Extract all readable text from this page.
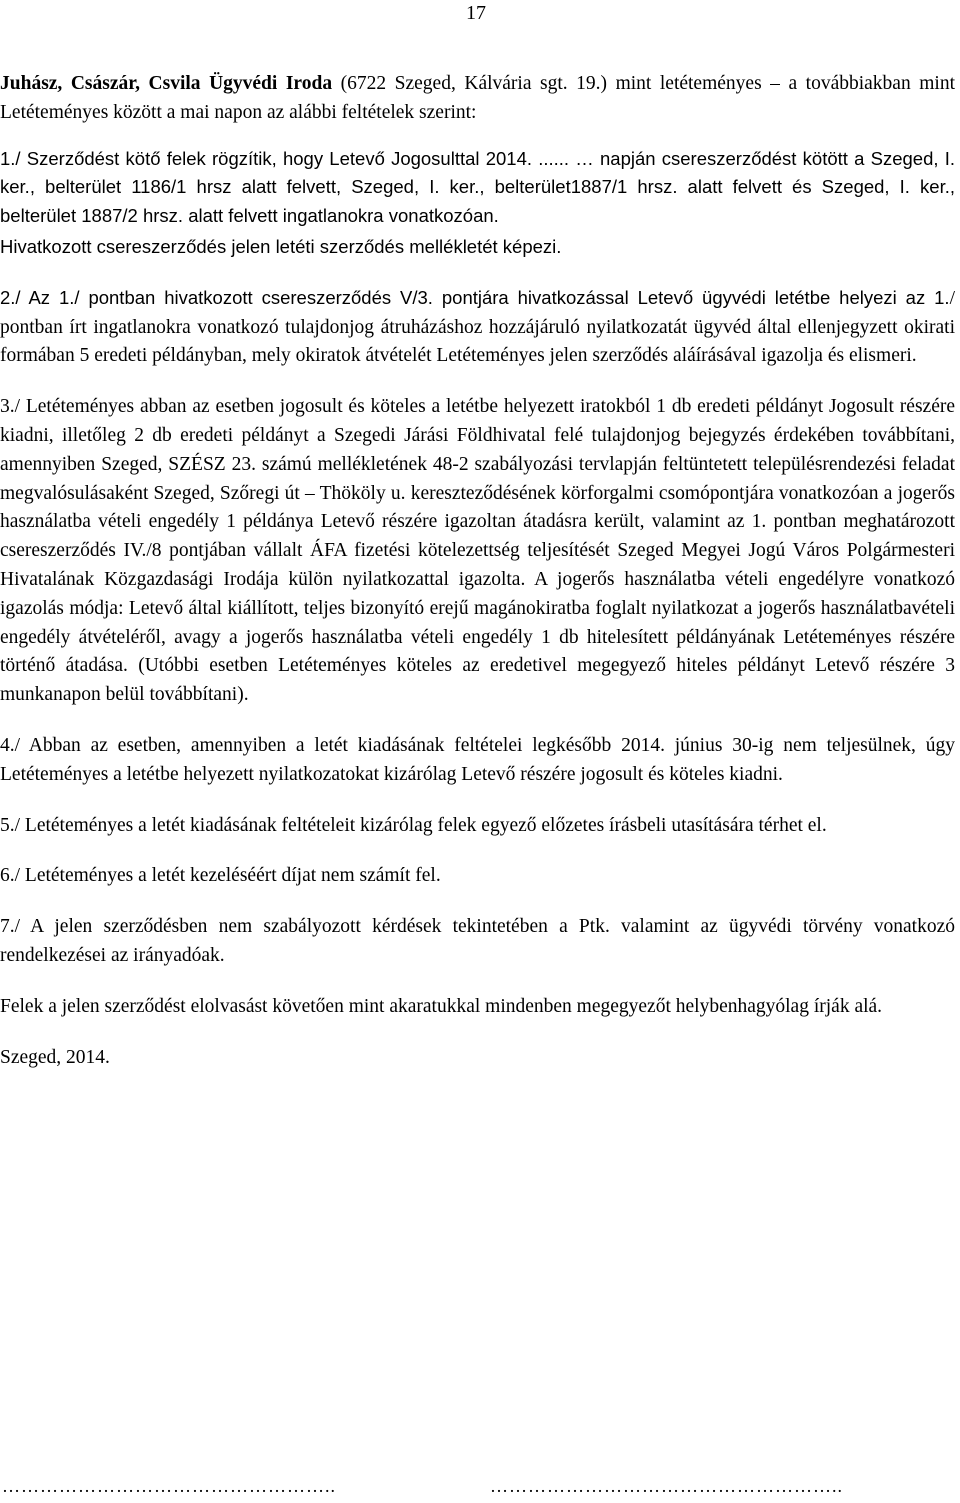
17

Juhász, Császár, Csvila Ügyvédi Iroda (6722 Szeged, Kálvária sgt. 19.) mint letéteményes – a továbbiakban mint Letéteményes között a mai napon az alábbi feltételek szerint:

1./ Szerződést kötő felek rögzítik, hogy Letevő Jogosulttal 2014. ...... … napján csereszerződést kötött a Szeged, I. ker., belterület 1186/1 hrsz alatt felvett, Szeged, I. ker., belterület1887/1 hrsz. alatt felvett és Szeged, I. ker., belterület 1887/2 hrsz. alatt felvett ingatlanokra vonatkozóan.

Hivatkozott csereszerződés jelen letéti szerződés mellékletét képezi.

2./ Az 1./ pontban hivatkozott csereszerződés V/3. pontjára hivatkozással Letevő ügyvédi letétbe helyezi az 1./ pontban írt ingatlanokra vonatkozó tulajdonjog átruházáshoz hozzájáruló nyilatkozatát ügyvéd által ellenjegyzett okirati formában 5 eredeti példányban, mely okiratok átvételét Letéteményes jelen szerződés aláírásával igazolja és elismeri.

3./ Letéteményes abban az esetben jogosult és köteles a letétbe helyezett iratokból 1 db eredeti példányt Jogosult részére kiadni, illetőleg 2 db eredeti példányt a Szegedi Járási Földhivatal felé tulajdonjog bejegyzés érdekében továbbítani, amennyiben Szeged, SZÉSZ 23. számú mellékletének 48-2 szabályozási tervlapján feltüntetett településrendezési feladat megvalósulásaként Szeged, Szőregi út – Thököly u. kereszteződésének körforgalmi csomópontjára vonatkozóan a jogerős használatba vételi engedély 1 példánya Letevő részére igazoltan átadásra került, valamint az 1. pontban meghatározott csereszerződés IV./8 pontjában vállalt ÁFA fizetési kötelezettség teljesítését Szeged Megyei Jogú Város Polgármesteri Hivatalának Közgazdasági Irodája külön nyilatkozattal igazolta. A jogerős használatba vételi engedélyre vonatkozó igazolás módja: Letevő által kiállított, teljes bizonyító erejű magánokiratba foglalt nyilatkozat a jogerős használatbavételi engedély átvételéről, avagy a jogerős használatba vételi engedély 1 db hitelesített példányának Letéteményes részére történő átadása. (Utóbbi esetben Letéteményes köteles az eredetivel megegyező hiteles példányt Letevő részére 3 munkanapon belül továbbítani).

4./ Abban az esetben, amennyiben a letét kiadásának feltételei legkésőbb 2014. június 30-ig nem teljesülnek, úgy Letéteményes a letétbe helyezett nyilatkozatokat kizárólag Letevő részére jogosult és köteles kiadni.

5./ Letéteményes a letét kiadásának feltételeit kizárólag felek egyező előzetes írásbeli utasítására térhet el.

6./ Letéteményes a letét kezeléséért díjat nem számít fel.

7./ A jelen szerződésben nem szabályozott kérdések tekintetében a Ptk. valamint az ügyvédi törvény vonatkozó rendelkezései az irányadóak.

Felek a jelen szerződést elolvasást követően mint akaratukkal mindenben megegyezőt helybenhagyólag írják alá.

Szeged, 2014.

……………………………………………..	………………………………………………..
